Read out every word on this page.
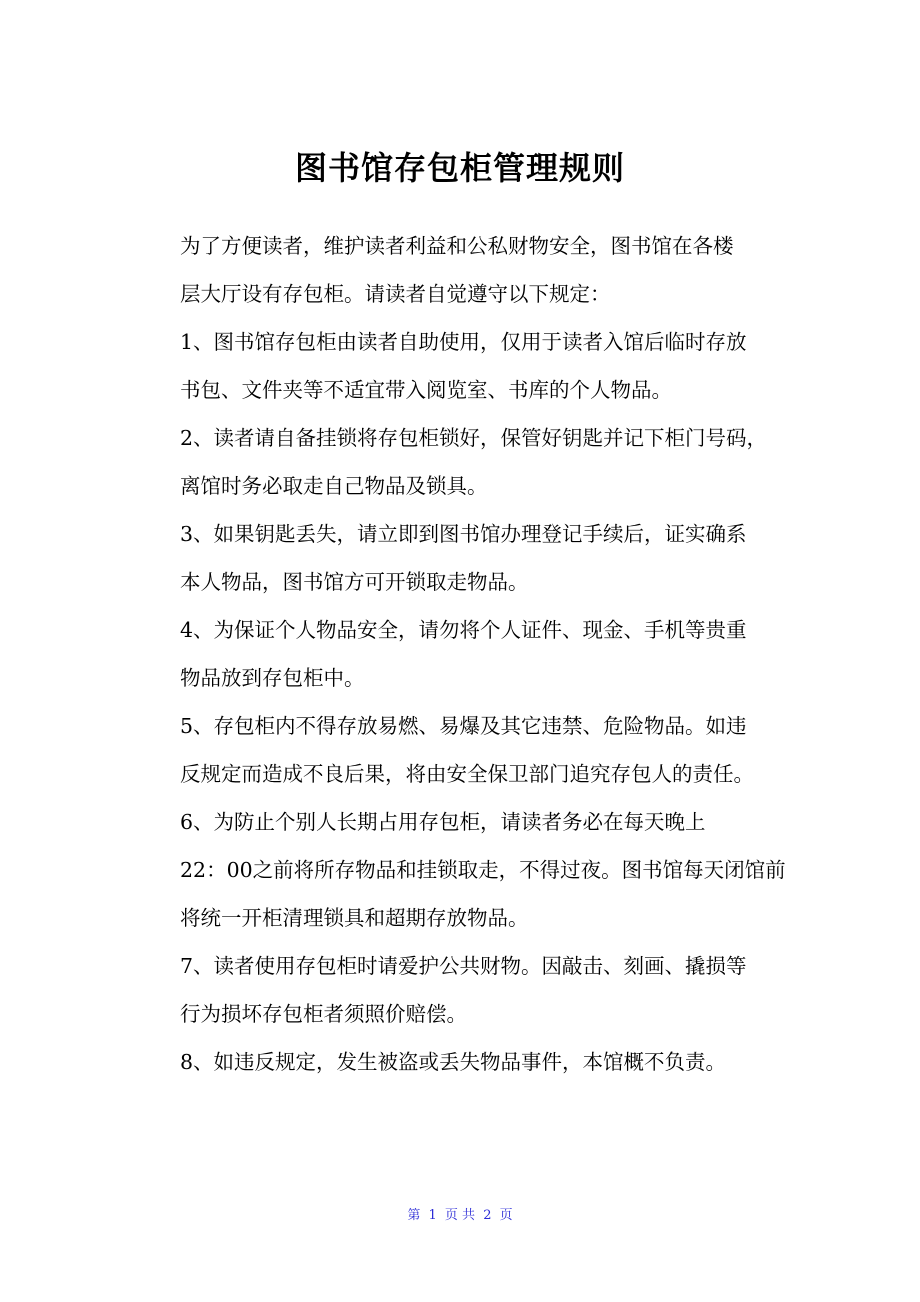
图书馆存包柜管理规则

为了方便读者，维护读者利益和公私财物安全，图书馆在各楼
层大厅设有存包柜。请读者自觉遵守以下规定：

1、图书馆存包柜由读者自助使用，仅用于读者入馆后临时存放
书包、文件夹等不适宜带入阅览室、书库的个人物品。

2、读者请自备挂锁将存包柜锁好，保管好钥匙并记下柜门号码，
离馆时务必取走自己物品及锁具。

3、如果钥匙丢失，请立即到图书馆办理登记手续后，证实确系
本人物品，图书馆方可开锁取走物品。

4、为保证个人物品安全，请勿将个人证件、现金、手机等贵重
物品放到存包柜中。

5、存包柜内不得存放易燃、易爆及其它违禁、危险物品。如违
反规定而造成不良后果，将由安全保卫部门追究存包人的责任。

6、为防止个别人长期占用存包柜，请读者务必在每天晚上
22：00之前将所存物品和挂锁取走，不得过夜。图书馆每天闭馆前
将统一开柜清理锁具和超期存放物品。

7、读者使用存包柜时请爱护公共财物。因敲击、刻画、撬损等
行为损坏存包柜者须照价赔偿。

8、如违反规定，发生被盗或丢失物品事件，本馆概不负责。

第 1 页 共 2 页
